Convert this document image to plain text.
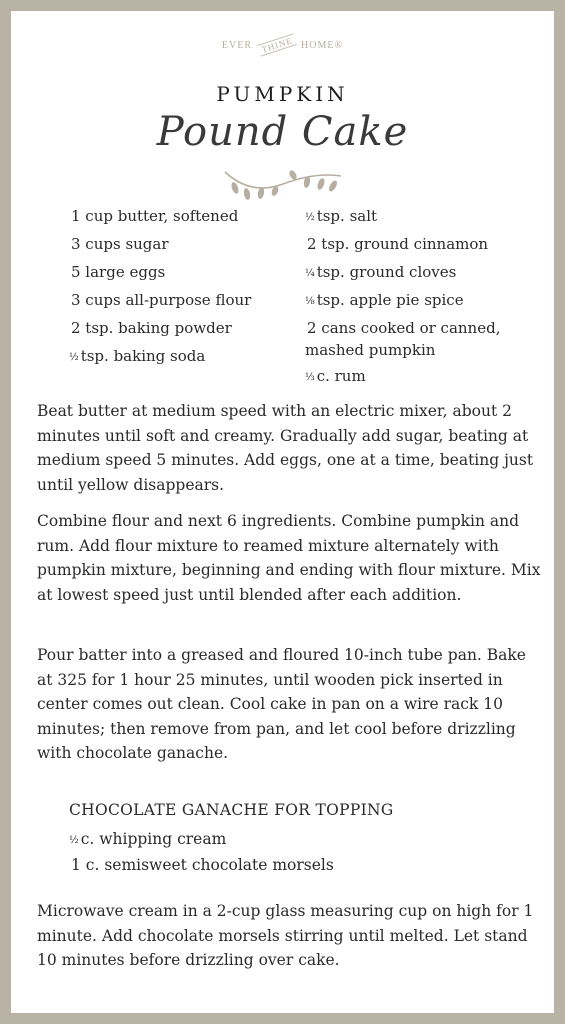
EVER THINE HOME®
PUMPKIN
Pound Cake
1 cup butter, softened
3 cups sugar
5 large eggs
3 cups all-purpose flour
2 tsp. baking powder
½ tsp. baking soda
½ tsp. salt
2 tsp. ground cinnamon
¼ tsp. ground cloves
⅛ tsp. apple pie spice
2 cans cooked or canned, mashed pumpkin
⅓ c. rum

Beat butter at medium speed with an electric mixer, about 2 minutes until soft and creamy. Gradually add sugar, beating at medium speed 5 minutes. Add eggs, one at a time, beating just until yellow disappears.

Combine flour and next 6 ingredients. Combine pumpkin and rum. Add flour mixture to reamed mixture alternately with pumpkin mixture, beginning and ending with flour mixture. Mix at lowest speed just until blended after each addition.

Pour batter into a greased and floured 10-inch tube pan. Bake at 325 for 1 hour 25 minutes, until wooden pick inserted in center comes out clean. Cool cake in pan on a wire rack 10 minutes; then remove from pan, and let cool before drizzling with chocolate ganache.

CHOCOLATE GANACHE FOR TOPPING
½ c. whipping cream
1 c. semisweet chocolate morsels

Microwave cream in a 2-cup glass measuring cup on high for 1 minute. Add chocolate morsels stirring until melted. Let stand 10 minutes before drizzling over cake.
